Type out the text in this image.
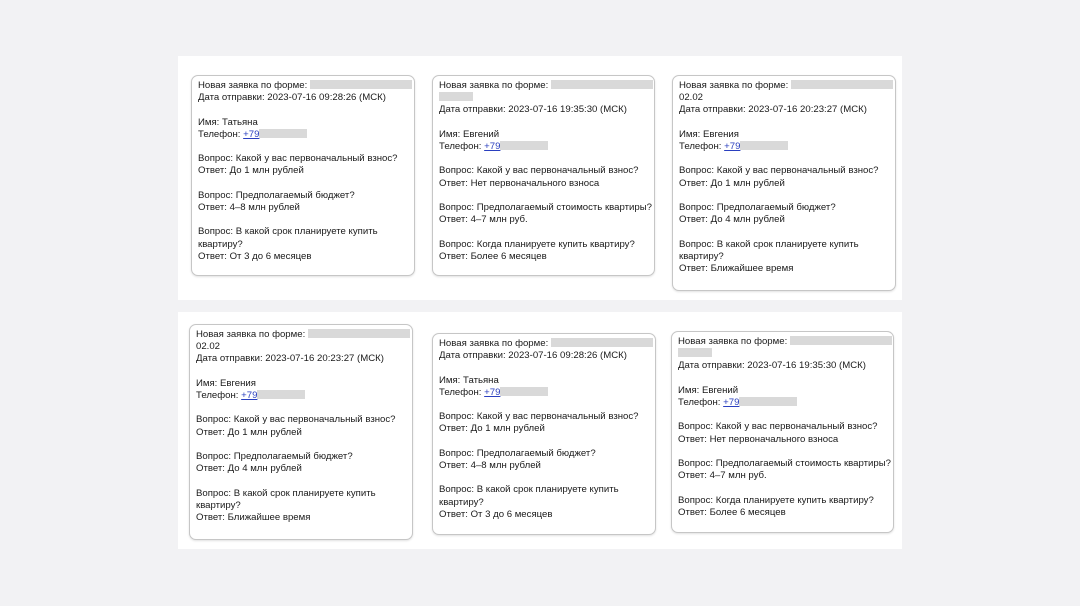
Новая заявка по форме:
Дата отправки: 2023-07-16 09:28:26 (МСК)
Имя: Татьяна
Телефон: +79
Вопрос: Какой у вас первоначальный взнос?
Ответ: До 1 млн рублей
Вопрос: Предполагаемый бюджет?
Ответ: 4–8 млн рублей
Вопрос: В какой срок планируете купить квартиру?
Ответ: От 3 до 6 месяцев
Новая заявка по форме:
Дата отправки: 2023-07-16 19:35:30 (МСК)
Имя: Евгений
Телефон: +79
Вопрос: Какой у вас первоначальный взнос?
Ответ: Нет первоначального взноса
Вопрос: Предполагаемый стоимость квартиры?
Ответ: 4–7 млн руб.
Вопрос: Когда планируете купить квартиру?
Ответ: Более 6 месяцев
Новая заявка по форме:
02.02
Дата отправки: 2023-07-16 20:23:27 (МСК)
Имя: Евгения
Телефон: +79
Вопрос: Какой у вас первоначальный взнос?
Ответ: До 1 млн рублей
Вопрос: Предполагаемый бюджет?
Ответ: До 4 млн рублей
Вопрос: В какой срок планируете купить квартиру?
Ответ: Ближайшее время
Новая заявка по форме:
02.02
Дата отправки: 2023-07-16 20:23:27 (МСК)
Имя: Евгения
Телефон: +79
Вопрос: Какой у вас первоначальный взнос?
Ответ: До 1 млн рублей
Вопрос: Предполагаемый бюджет?
Ответ: До 4 млн рублей
Вопрос: В какой срок планируете купить квартиру?
Ответ: Ближайшее время
Новая заявка по форме:
Дата отправки: 2023-07-16 09:28:26 (МСК)
Имя: Татьяна
Телефон: +79
Вопрос: Какой у вас первоначальный взнос?
Ответ: До 1 млн рублей
Вопрос: Предполагаемый бюджет?
Ответ: 4–8 млн рублей
Вопрос: В какой срок планируете купить квартиру?
Ответ: От 3 до 6 месяцев
Новая заявка по форме:
Дата отправки: 2023-07-16 19:35:30 (МСК)
Имя: Евгений
Телефон: +79
Вопрос: Какой у вас первоначальный взнос?
Ответ: Нет первоначального взноса
Вопрос: Предполагаемый стоимость квартиры?
Ответ: 4–7 млн руб.
Вопрос: Когда планируете купить квартиру?
Ответ: Более 6 месяцев
